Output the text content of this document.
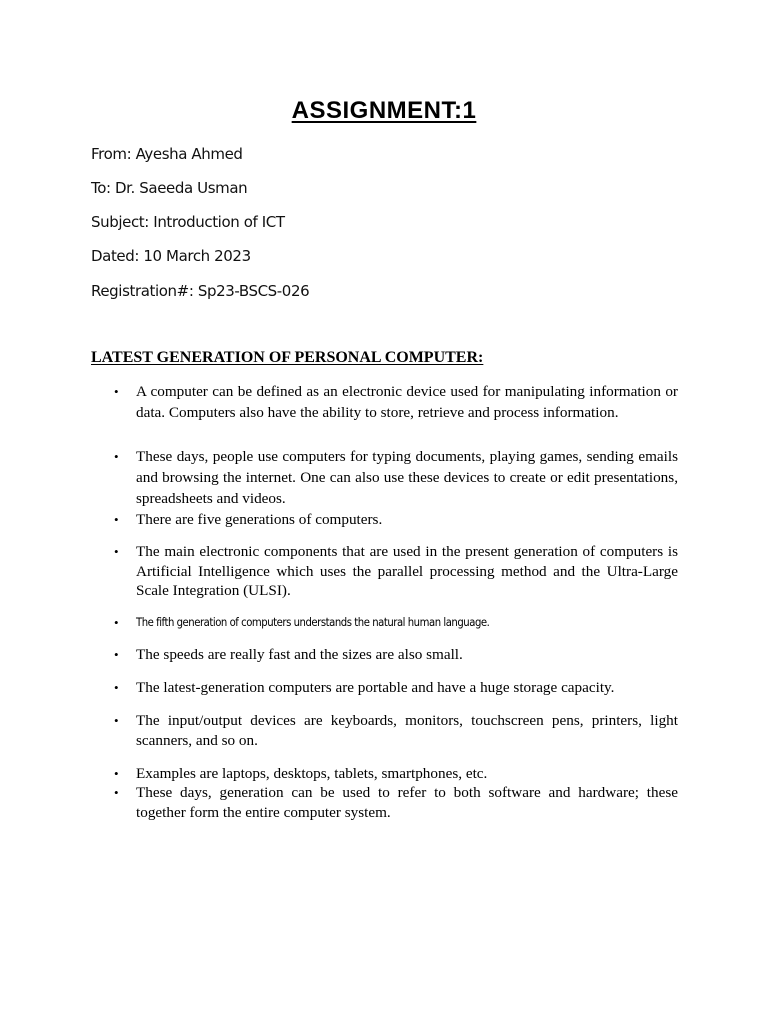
ASSIGNMENT:1
From: Ayesha Ahmed
To: Dr. Saeeda Usman
Subject: Introduction of ICT
Dated: 10 March 2023
Registration#: Sp23-BSCS-026
LATEST GENERATION OF PERSONAL COMPUTER:
•	A computer can be defined as an electronic device used for manipulating information or data. Computers also have the ability to store, retrieve and process information.
•	These days, people use computers for typing documents, playing games, sending emails and browsing the internet. One can also use these devices to create or edit presentations, spreadsheets and videos.
•	There are five generations of computers.
•	The main electronic components that are used in the present generation of computers is Artificial Intelligence which uses the parallel processing method and the Ultra-Large Scale Integration (ULSI).
•	The fifth generation of computers understands the natural human language.
•	The speeds are really fast and the sizes are also small.
•	The latest-generation computers are portable and have a huge storage capacity.
•	The input/output devices are keyboards, monitors, touchscreen pens, printers, light scanners, and so on.
•	Examples are laptops, desktops, tablets, smartphones, etc.
•	These days, generation can be used to refer to both software and hardware; these together form the entire computer system.
